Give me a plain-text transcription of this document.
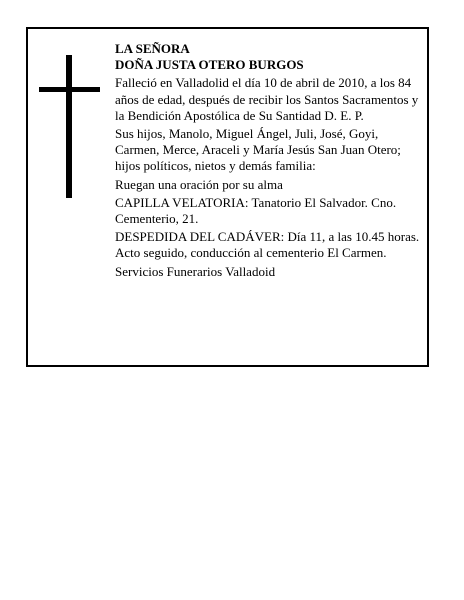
LA SEÑORA

DOÑA JUSTA OTERO BURGOS

Falleció en Valladolid el día 10 de abril de 2010, a los 84 años de edad, después de recibir los Santos Sacramentos y la Bendición Apostólica de Su Santidad D. E. P.

Sus hijos, Manolo, Miguel Ángel, Juli, José, Goyi, Carmen, Merce, Araceli y María Jesús San Juan Otero; hijos políticos, nietos y demás familia:

Ruegan una oración por su alma

CAPILLA VELATORIA: Tanatorio El Salvador. Cno. Cementerio, 21.

DESPEDIDA DEL CADÁVER: Día 11, a las 10.45 horas. Acto seguido, conducción al cementerio El Carmen.

Servicios Funerarios Valladoid
